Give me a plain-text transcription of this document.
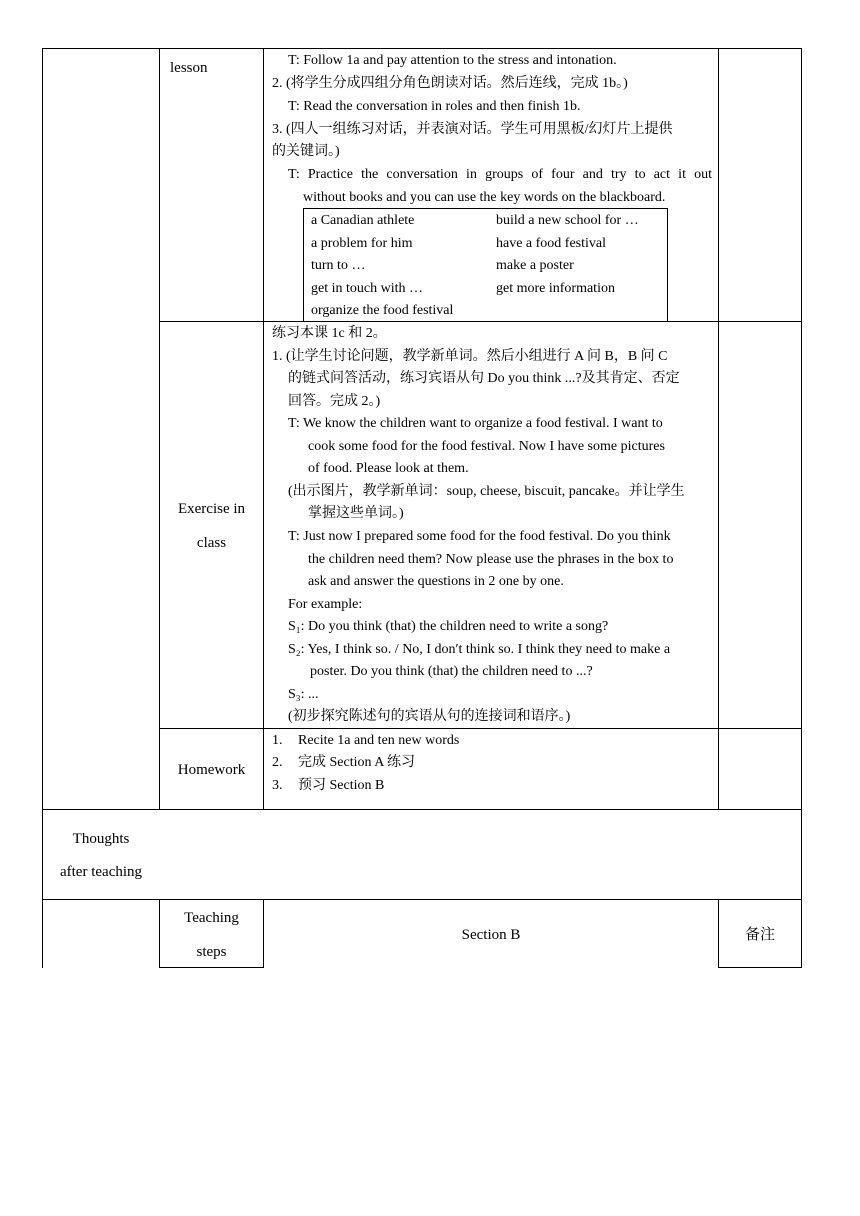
lesson	T: Follow 1a and pay attention to the stress and intonation.
2. (将学生分成四组分角色朗读对话。然后连线，完成 1b。)
T: Read the conversation in roles and then finish 1b.
3. (四人一组练习对话，并表演对话。学生可用黑板/幻灯片上提供
的关键词。)
T: Practice the conversation in groups of four and try to act it out
without books and you can use the key words on the blackboard.
a Canadian athlete
a problem for him
turn to …
get in touch with …
organize the food festival
build a new school for …
have a food festival
make a poster
get more information
Exercise in
class
练习本课 1c 和 2。
1. (让学生讨论问题，教学新单词。然后小组进行 A 问 B，B 问 C
的链式问答活动，练习宾语从句 Do you think ...?及其肯定、否定
回答。完成 2。)
T: We know the children want to organize a food festival. I want to
cook some food for the food festival. Now I have some pictures
of food. Please look at them.
(出示图片，教学新单词：soup, cheese, biscuit, pancake。并让学生
掌握这些单词。)
T: Just now I prepared some food for the food festival. Do you think
the children need them? Now please use the phrases in the box to
ask and answer the questions in 2 one by one.
For example:
S₁: Do you think (that) the children need to write a song?
S₂: Yes, I think so. / No, I don′t think so. I think they need to make a
poster. Do you think (that) the children need to ...?
S₃: ...
(初步探究陈述句的宾语从句的连接词和语序。)
Homework
1. Recite 1a and ten new words
2. 完成 Section A 练习
3. 预习 Section B
Thoughts
after teaching
Teaching
steps
Section B	备注
